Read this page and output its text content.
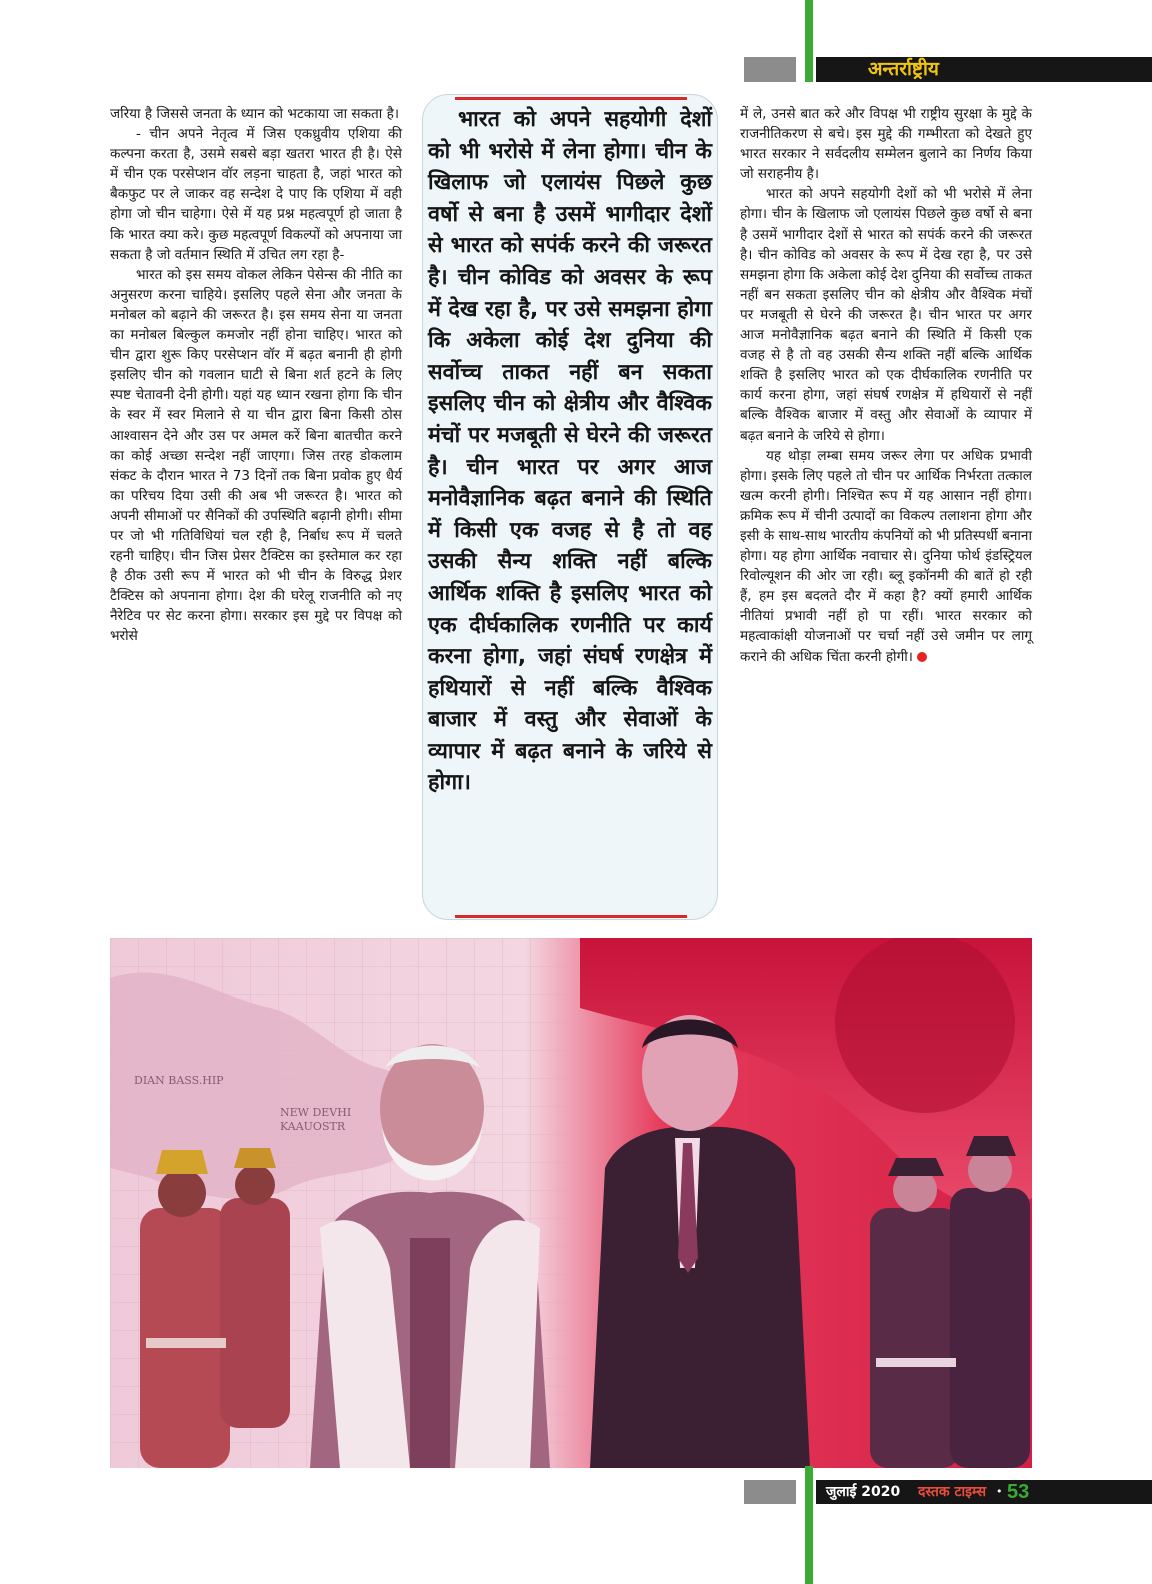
अन्तर्राष्ट्रीय

जरिया है जिससे जनता के ध्यान को भटकाया जा सकता है।

- चीन अपने नेतृत्व में जिस एकध्रुवीय एशिया की कल्पना करता है, उसमे सबसे बड़ा खतरा भारत ही है। ऐसे में चीन एक परसेप्शन वॉर लड़ना चाहता है, जहां भारत को बैकफुट पर ले जाकर वह सन्देश दे पाए कि एशिया में वही होगा जो चीन चाहेगा। ऐसे में यह प्रश्न महत्वपूर्ण हो जाता है कि भारत क्या करे। कुछ महत्वपूर्ण विकल्पों को अपनाया जा सकता है जो वर्तमान स्थिति में उचित लग रहा है-

भारत को इस समय वोकल लेकिन पेसेन्स की नीति का अनुसरण करना चाहिये। इसलिए पहले सेना और जनता के मनोबल को बढ़ाने की जरूरत है। इस समय सेना या जनता का मनोबल बिल्कुल कमजोर नहीं होना चाहिए। भारत को चीन द्वारा शुरू किए परसेप्शन वॉर में बढ़त बनानी ही होगी इसलिए चीन को गवलान घाटी से बिना शर्त हटने के लिए स्पष्ट चेतावनी देनी होगी। यहां यह ध्यान रखना होगा कि चीन के स्वर में स्वर मिलाने से या चीन द्वारा बिना किसी ठोस आश्वासन देने और उस पर अमल करें बिना बातचीत करने का कोई अच्छा सन्देश नहीं जाएगा। जिस तरह डोकलाम संकट के दौरान भारत ने 73 दिनों तक बिना प्रवोक हुए धैर्य का परिचय दिया उसी की अब भी जरूरत है। भारत को अपनी सीमाओं पर सैनिकों की उपस्थिति बढ़ानी होगी। सीमा पर जो भी गतिविधियां चल रही है, निर्बाध रूप में चलते रहनी चाहिए। चीन जिस प्रेसर टैक्टिस का इस्तेमाल कर रहा है ठीक उसी रूप में भारत को भी चीन के विरुद्ध प्रेशर टैक्टिस को अपनाना होगा। देश की घरेलू राजनीति को नए नैरेटिव पर सेट करना होगा। सरकार इस मुद्दे पर विपक्ष को भरोसे

भारत को अपने सहयोगी देशों को भी भरोसे में लेना होगा। चीन के खिलाफ जो एलायंस पिछले कुछ वर्षो से बना है उसमें भागीदार देशों से भारत को सपंर्क करने की जरूरत है। चीन कोविड को अवसर के रूप में देख रहा है, पर उसे समझना होगा कि अकेला कोई देश दुनिया की सर्वोच्च ताकत नहीं बन सकता इसलिए चीन को क्षेत्रीय और वैश्विक मंचों पर मजबूती से घेरने की जरूरत है। चीन भारत पर अगर आज मनोवैज्ञानिक बढ़त बनाने की स्थिति में किसी एक वजह से है तो वह उसकी सैन्य शक्ति नहीं बल्कि आर्थिक शक्ति है इसलिए भारत को एक दीर्घकालिक रणनीति पर कार्य करना होगा, जहां संघर्ष रणक्षेत्र में हथियारों से नहीं बल्कि वैश्विक बाजार में वस्तु और सेवाओं के व्यापार में बढ़त बनाने के जरिये से होगा।

में ले, उनसे बात करे और विपक्ष भी राष्ट्रीय सुरक्षा के मुद्दे के राजनीतिकरण से बचे। इस मुद्दे की गम्भीरता को देखते हुए भारत सरकार ने सर्वदलीय सम्मेलन बुलाने का निर्णय किया जो सराहनीय है।

भारत को अपने सहयोगी देशों को भी भरोसे में लेना होगा। चीन के खिलाफ जो एलायंस पिछले कुछ वर्षो से बना है उसमें भागीदार देशों से भारत को सपंर्क करने की जरूरत है। चीन कोविड को अवसर के रूप में देख रहा है, पर उसे समझना होगा कि अकेला कोई देश दुनिया की सर्वोच्च ताकत नहीं बन सकता इसलिए चीन को क्षेत्रीय और वैश्विक मंचों पर मजबूती से घेरने की जरूरत है। चीन भारत पर अगर आज मनोवैज्ञानिक बढ़त बनाने की स्थिति में किसी एक वजह से है तो वह उसकी सैन्य शक्ति नहीं बल्कि आर्थिक शक्ति है इसलिए भारत को एक दीर्घकालिक रणनीति पर कार्य करना होगा, जहां संघर्ष रणक्षेत्र में हथियारों से नहीं बल्कि वैश्विक बाजार में वस्तु और सेवाओं के व्यापार में बढ़त बनाने के जरिये से होगा।

यह थोड़ा लम्बा समय जरूर लेगा पर अधिक प्रभावी होगा। इसके लिए पहले तो चीन पर आर्थिक निर्भरता तत्काल खत्म करनी होगी। निश्चित रूप में यह आसान नहीं होगा। क्रमिक रूप में चीनी उत्पादों का विकल्प तलाशना होगा और इसी के साथ-साथ भारतीय कंपनियों को भी प्रतिस्पर्धी बनाना होगा। यह होगा आर्थिक नवाचार से। दुनिया फोर्थ इंडस्ट्रियल रिवोल्यूशन की ओर जा रही। ब्लू इकॉनमी की बातें हो रही हैं, हम इस बदलते दौर में कहा है? क्यों हमारी आर्थिक नीतियां प्रभावी नहीं हो पा रहीं। भारत सरकार को महत्वाकांक्षी योजनाओं पर चर्चा नहीं उसे जमीन पर लागू कराने की अधिक चिंता करनी होगी।

DIAN BASS.HIP
NEW DEVHI
KAAUOSTR
जुलाई 2020 दस्तक टाइम्स • 53
